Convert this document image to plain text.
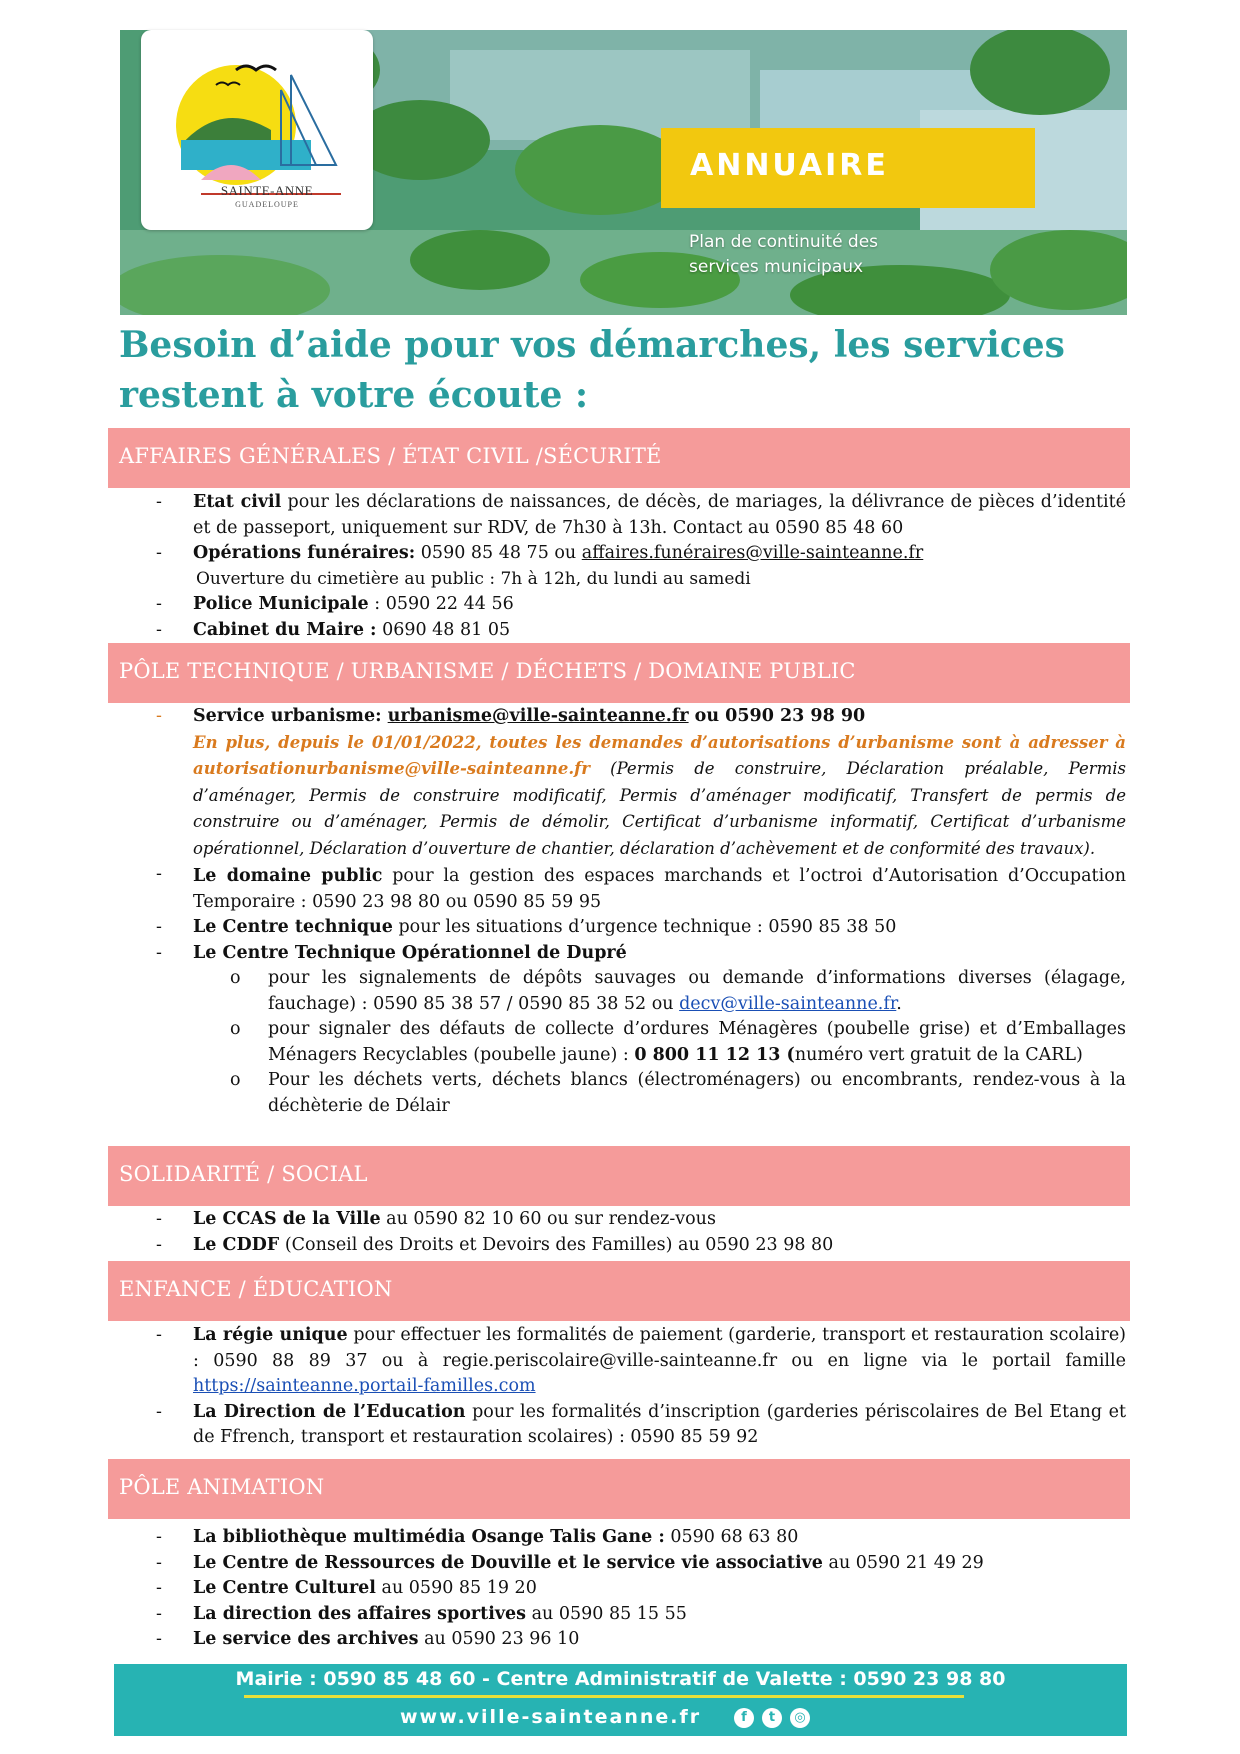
SAINTE-ANNE
GUADELOUPE
ANNUAIRE
Plan de continuité des
services municipaux
Besoin d’aide pour vos démarches, les services
restent à votre écoute :
AFFAIRES GÉNÉRALES / ÉTAT CIVIL /SÉCURITÉ
- Etat civil pour les déclarations de naissances, de décès, de mariages, la délivrance de pièces d’identité et de passeport, uniquement sur RDV, de 7h30 à 13h. Contact au 0590 85 48 60
- Opérations funéraires: 0590 85 48 75 ou affaires.funéraires@ville-sainteanne.fr
Ouverture du cimetière au public : 7h à 12h, du lundi au samedi
- Police Municipale : 0590 22 44 56
- Cabinet du Maire : 0690 48 81 05
PÔLE TECHNIQUE / URBANISME / DÉCHETS / DOMAINE PUBLIC
- Service urbanisme: urbanisme@ville-sainteanne.fr ou 0590 23 98 90
En plus, depuis le 01/01/2022, toutes les demandes d’autorisations d’urbanisme sont à adresser à autorisationurbanisme@ville-sainteanne.fr (Permis de construire, Déclaration préalable, Permis d’aménager, Permis de construire modificatif, Permis d’aménager modificatif, Transfert de permis de construire ou d’aménager, Permis de démolir, Certificat d’urbanisme informatif, Certificat d’urbanisme opérationnel, Déclaration d’ouverture de chantier, déclaration d’achèvement et de conformité des travaux).
- Le domaine public pour la gestion des espaces marchands et l’octroi d’Autorisation d’Occupation Temporaire : 0590 23 98 80 ou 0590 85 59 95
- Le Centre technique pour les situations d’urgence technique : 0590 85 38 50
- Le Centre Technique Opérationnel de Dupré
o pour les signalements de dépôts sauvages ou demande d’informations diverses (élagage, fauchage) : 0590 85 38 57 / 0590 85 38 52 ou decv@ville-sainteanne.fr.
o pour signaler des défauts de collecte d’ordures Ménagères (poubelle grise) et d’Emballages Ménagers Recyclables (poubelle jaune) : 0 800 11 12 13 (numéro vert gratuit de la CARL)
o Pour les déchets verts, déchets blancs (électroménagers) ou encombrants, rendez-vous à la déchèterie de Délair
SOLIDARITÉ / SOCIAL
- Le CCAS de la Ville au 0590 82 10 60 ou sur rendez-vous
- Le CDDF (Conseil des Droits et Devoirs des Familles) au 0590 23 98 80
ENFANCE / ÉDUCATION
- La régie unique pour effectuer les formalités de paiement (garderie, transport et restauration scolaire) : 0590 88 89 37 ou à regie.periscolaire@ville-sainteanne.fr ou en ligne via le portail famille https://sainteanne.portail-familles.com
- La Direction de l’Education pour les formalités d’inscription (garderies périscolaires de Bel Etang et de Ffrench, transport et restauration scolaires) : 0590 85 59 92
PÔLE ANIMATION
- La bibliothèque multimédia Osange Talis Gane : 0590 68 63 80
- Le Centre de Ressources de Douville et le service vie associative au 0590 21 49 29
- Le Centre Culturel au 0590 85 19 20
- La direction des affaires sportives au 0590 85 15 55
- Le service des archives au 0590 23 96 10
Mairie : 0590 85 48 60 - Centre Administratif de Valette : 0590 23 98 80
www.ville-sainteanne.fr	f	t	◎
